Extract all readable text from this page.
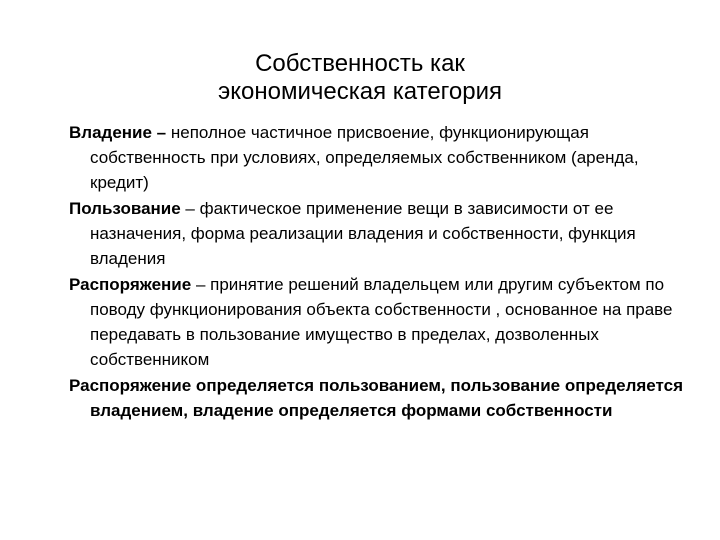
Собственность как
экономическая категория

Владение – неполное частичное присвоение, функционирующая собственность при условиях, определяемых собственником (аренда, кредит)

Пользование – фактическое применение вещи в зависимости от ее назначения, форма реализации владения и собственности, функция владения

Распоряжение – принятие решений владельцем или другим субъектом по поводу функционирования объекта собственности , основанное на праве передавать в пользование имущество в пределах, дозволенных собственником

Распоряжение определяется пользованием, пользование определяется владением, владение определяется формами собственности
